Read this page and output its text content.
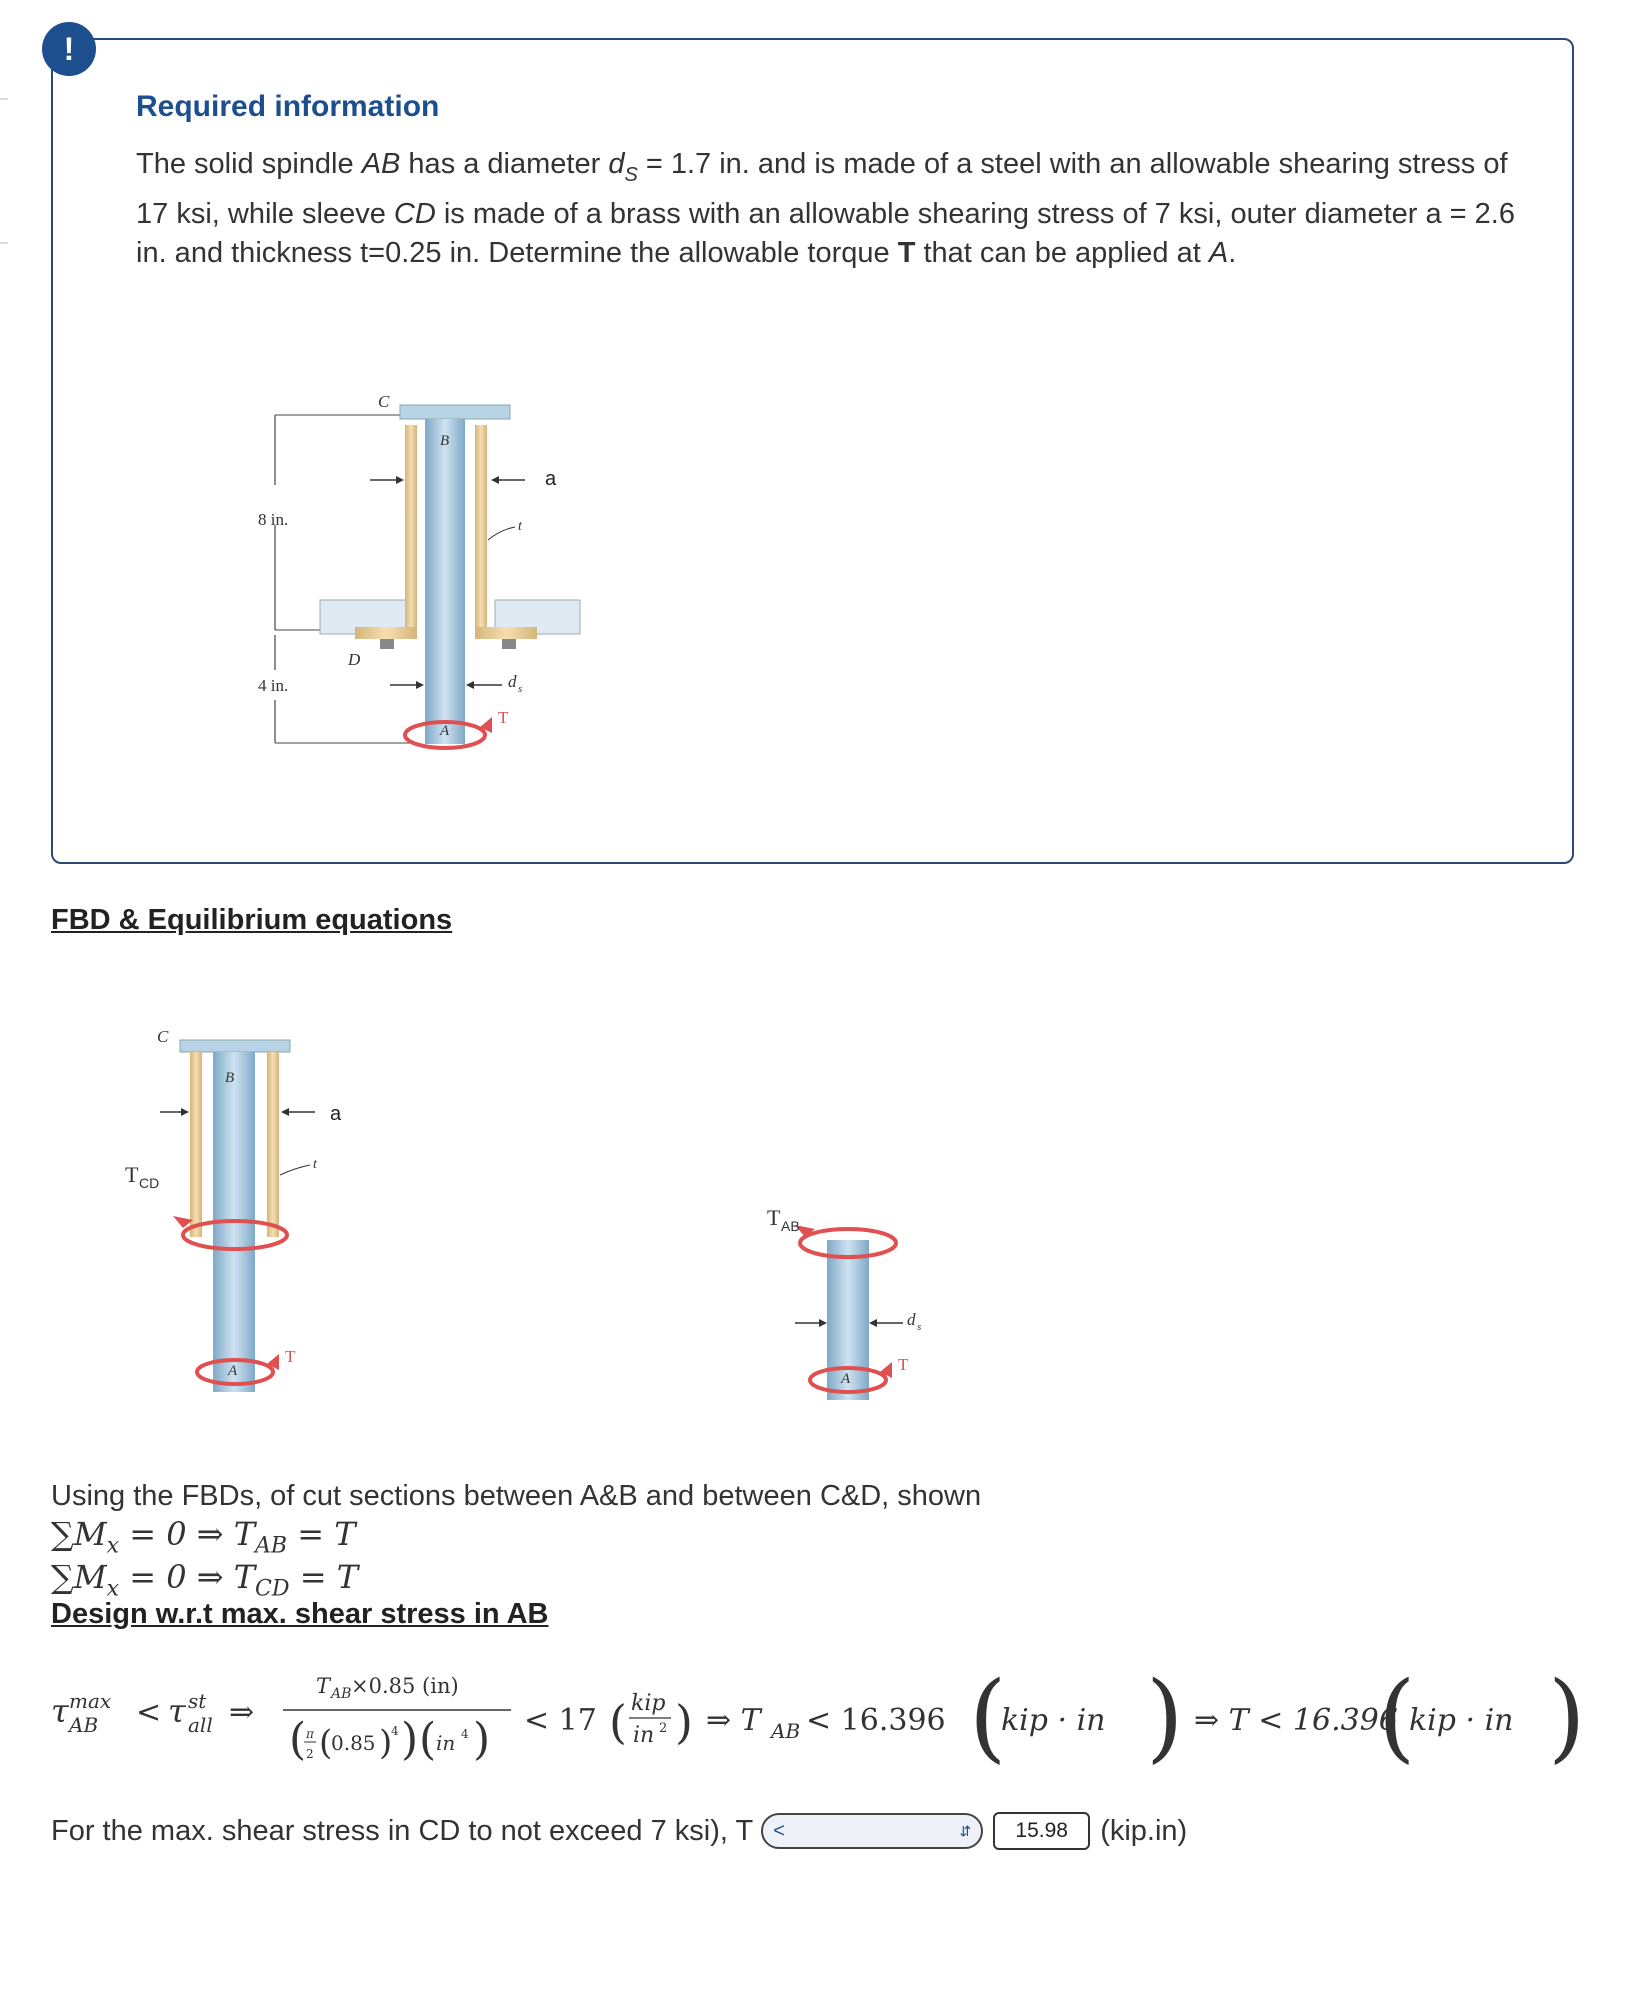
!
Required information
The solid spindle AB has a diameter $d_S = 1.7$ in. and is made of a steel with an allowable shearing stress of 17 ksi, while sleeve CD is made of a brass with an allowable shearing stress of 7 ksi, outer diameter a = 2.6 in. and thickness t=0.25 in. Determine the allowable torque T that can be applied at A.
8 in.
4 in.
a
C
B
t
D
d s
A
T
FBD & Equilibrium equations
a
C
B
t
T CD
A
T
T AB
d s
A
T
Using the FBDs, of cut sections between A&B and between C&D, shown
$\sum M_x = 0$ ⇒ $T_{AB} = T$
$\sum M_x = 0$ ⇒ $T_{CD} = T$
Design w.r.t max. shear stress in AB
τ max
AB < τ st
all ⇒
T AB ×0.85 (in)
( π
2 (
0.85 )
4 ) ( in 4 ) < 17 ( kip
in 2 ) ⇒ T AB < 16.396 (
kip · in ) ⇒ T < 16.396
(
kip · in )
For the max. shear stress in CD to not exceed 7 ksi), T <	⇵	15.98	(kip.in)
